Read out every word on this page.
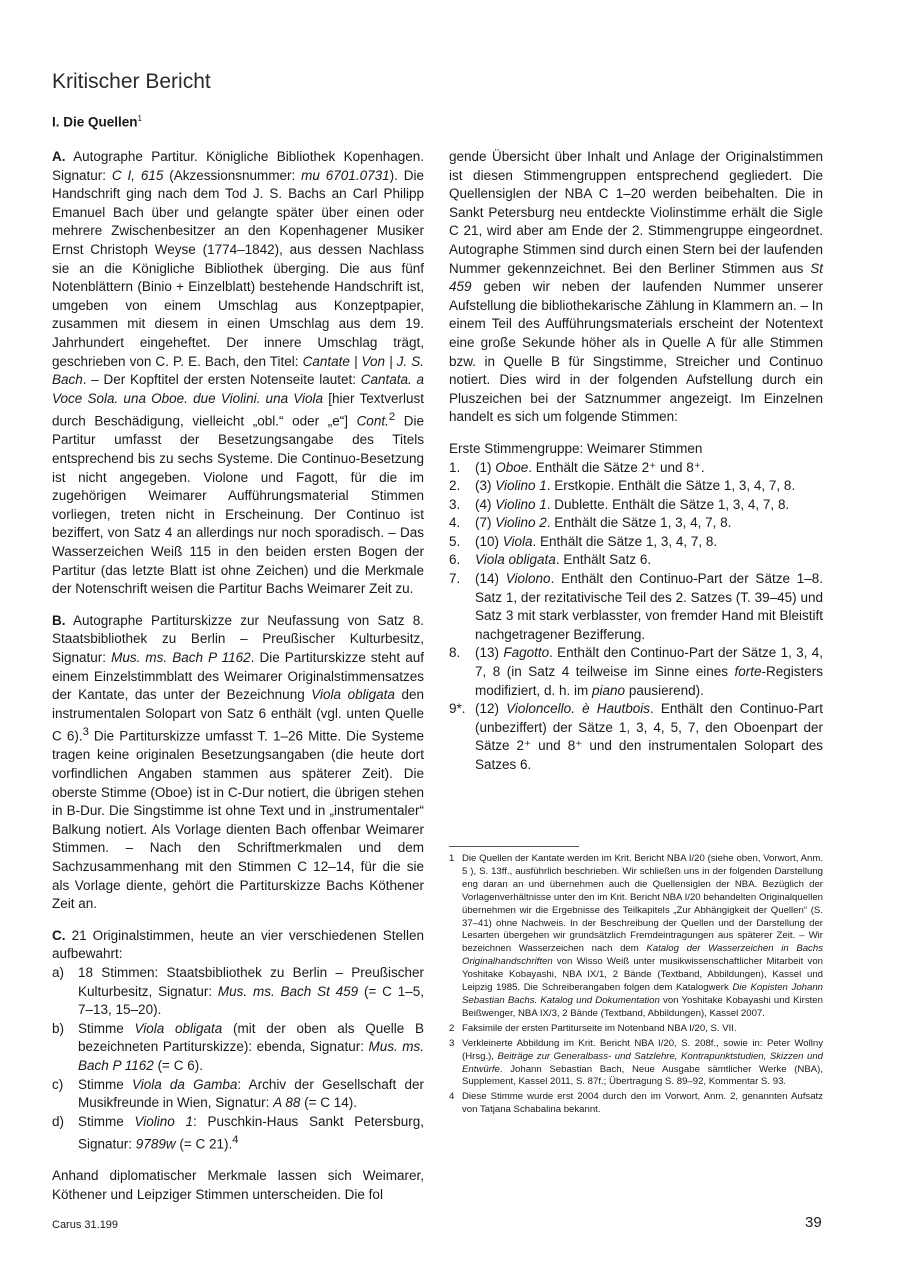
Kritischer Bericht
I. Die Quellen$^1$

A. Autographe Partitur. Königliche Bibliothek Kopenhagen. Signatur: C I, 615 (Akzessionsnummer: mu 6701.0731). Die Handschrift ging nach dem Tod J. S. Bachs an Carl Philipp Emanuel Bach über und gelangte später über einen oder mehrere Zwischenbesitzer an den Kopenhagener Musiker Ernst Christoph Weyse (1774–1842), aus dessen Nachlass sie an die Königliche Bibliothek überging. Die aus fünf Notenblättern (Binio + Einzelblatt) bestehende Handschrift ist, umgeben von einem Umschlag aus Konzeptpapier, zusammen mit diesem in einen Umschlag aus dem 19. Jahrhundert eingeheftet. Der innere Umschlag trägt, geschrieben von C. P. E. Bach, den Titel: Cantate | Von | J. S. Bach. – Der Kopftitel der ersten Notenseite lautet: Cantata. a Voce Sola. una Oboe. due Violini. una Viola [hier Textverlust durch Beschädigung, vielleicht „obl.“ oder „e“] Cont.$^2$ Die Partitur umfasst der Besetzungsangabe des Titels entsprechend bis zu sechs Systeme. Die Continuo-Besetzung ist nicht angegeben. Violone und Fagott, für die im zugehörigen Weimarer Aufführungsmaterial Stimmen vorliegen, treten nicht in Erscheinung. Der Continuo ist beziffert, von Satz 4 an allerdings nur noch sporadisch. – Das Wasserzeichen Weiß 115 in den beiden ersten Bogen der Partitur (das letzte Blatt ist ohne Zeichen) und die Merkmale der Notenschrift weisen die Partitur Bachs Weimarer Zeit zu.

B. Autographe Partiturskizze zur Neufassung von Satz 8. Staatsbibliothek zu Berlin – Preußischer Kulturbesitz, Signatur: Mus. ms. Bach P 1162. Die Partiturskizze steht auf einem Einzelstimmblatt des Weimarer Originalstimmensatzes der Kantate, das unter der Bezeichnung Viola obligata den instrumentalen Solopart von Satz 6 enthält (vgl. unten Quelle C 6).$^3$ Die Partiturskizze umfasst T. 1–26 Mitte. Die Systeme tragen keine originalen Besetzungsangaben (die heute dort vorfindlichen Angaben stammen aus späterer Zeit). Die oberste Stimme (Oboe) ist in C-Dur notiert, die übrigen stehen in B-Dur. Die Singstimme ist ohne Text und in „instrumentaler“ Balkung notiert. Als Vorlage dienten Bach offenbar Weimarer Stimmen. – Nach den Schriftmerkmalen und dem Sachzusammenhang mit den Stimmen C 12–14, für die sie als Vorlage diente, gehört die Partiturskizze Bachs Köthener Zeit an.

C. 21 Originalstimmen, heute an vier verschiedenen Stellen aufbewahrt:

a) 18 Stimmen: Staatsbibliothek zu Berlin – Preußischer Kulturbesitz, Signatur: Mus. ms. Bach St 459 (= C 1–5, 7–13, 15–20).
b) Stimme Viola obligata (mit der oben als Quelle B bezeichneten Partiturskizze): ebenda, Signatur: Mus. ms. Bach P 1162 (= C 6).
c) Stimme Viola da Gamba: Archiv der Gesellschaft der Musikfreunde in Wien, Signatur: A 88 (= C 14).
d) Stimme Violino 1: Puschkin-Haus Sankt Petersburg, Signatur: 9789w (= C 21).$^4$

Anhand diplomatischer Merkmale lassen sich Weimarer, Köthener und Leipziger Stimmen unterscheiden. Die fol

gende Übersicht über Inhalt und Anlage der Originalstimmen ist diesen Stimmengruppen entsprechend gegliedert. Die Quellensiglen der NBA C 1–20 werden beibehalten. Die in Sankt Petersburg neu entdeckte Violinstimme erhält die Sigle C 21, wird aber am Ende der 2. Stimmengruppe eingeordnet. Autographe Stimmen sind durch einen Stern bei der laufenden Nummer gekennzeichnet. Bei den Berliner Stimmen aus St 459 geben wir neben der laufenden Nummer unserer Aufstellung die bibliothekarische Zählung in Klammern an. – In einem Teil des Aufführungsmaterials erscheint der Notentext eine große Sekunde höher als in Quelle A für alle Stimmen bzw. in Quelle B für Singstimme, Streicher und Continuo notiert. Dies wird in der folgenden Aufstellung durch ein Pluszeichen bei der Satznummer angezeigt. Im Einzelnen handelt es sich um folgende Stimmen:

Erste Stimmengruppe: Weimarer Stimmen

1. (1) Oboe. Enthält die Sätze 2⁺ und 8⁺.
2. (3) Violino 1. Erstkopie. Enthält die Sätze 1, 3, 4, 7, 8.
3. (4) Violino 1. Dublette. Enthält die Sätze 1, 3, 4, 7, 8.
4. (7) Violino 2. Enthält die Sätze 1, 3, 4, 7, 8.
5. (10) Viola. Enthält die Sätze 1, 3, 4, 7, 8.
6. Viola obligata. Enthält Satz 6.
7. (14) Violono. Enthält den Continuo-Part der Sätze 1–8. Satz 1, der rezitativische Teil des 2. Satzes (T. 39–45) und Satz 3 mit stark verblasster, von fremder Hand mit Bleistift nachgetragener Bezifferung.
8. (13) Fagotto. Enthält den Continuo-Part der Sätze 1, 3, 4, 7, 8 (in Satz 4 teilweise im Sinne eines forte-Registers modifiziert, d. h. im piano pausierend).
9*. (12) Violoncello. è Hautbois. Enthält den Continuo-Part (unbeziffert) der Sätze 1, 3, 4, 5, 7, den Oboenpart der Sätze 2⁺ und 8⁺ und den instrumentalen Solopart des Satzes 6.
1 Die Quellen der Kantate werden im Krit. Bericht NBA I/20 (siehe oben, Vorwort, Anm. 5 ), S. 13ff., ausführlich beschrieben. Wir schließen uns in der folgenden Darstellung eng daran an und übernehmen auch die Quellensiglen der NBA. Bezüglich der Vorlagenverhältnisse unter den im Krit. Bericht NBA I/20 behandelten Originalquellen übernehmen wir die Ergebnisse des Teilkapitels „Zur Abhängigkeit der Quellen“ (S. 37–41) ohne Nachweis. In der Beschreibung der Quellen und der Darstellung der Lesarten übergehen wir grundsätzlich Fremdeintragungen aus späterer Zeit. – Wir bezeichnen Wasserzeichen nach dem Katalog der Wasserzeichen in Bachs Originalhandschriften von Wisso Weiß unter musikwissenschaftlicher Mitarbeit von Yoshitake Kobayashi, NBA IX/1, 2 Bände (Textband, Abbildungen), Kassel und Leipzig 1985. Die Schreiberangaben folgen dem Katalogwerk Die Kopisten Johann Sebastian Bachs. Katalog und Dokumentation von Yoshitake Kobayashi und Kirsten Beißwenger, NBA IX/3, 2 Bände (Textband, Abbildungen), Kassel 2007.
2 Faksimile der ersten Partiturseite im Notenband NBA I/20, S. VII.
3 Verkleinerte Abbildung im Krit. Bericht NBA I/20, S. 208f., sowie in: Peter Wollny (Hrsg.), Beiträge zur Generalbass- und Satzlehre, Kontrapunktstudien, Skizzen und Entwürfe. Johann Sebastian Bach, Neue Ausgabe sämtlicher Werke (NBA), Supplement, Kassel 2011, S. 87f.; Übertragung S. 89–92, Kommentar S. 93.
4 Diese Stimme wurde erst 2004 durch den im Vorwort, Anm. 2, genannten Aufsatz von Tatjana Schabalina bekannt.
Carus 31.199	39
